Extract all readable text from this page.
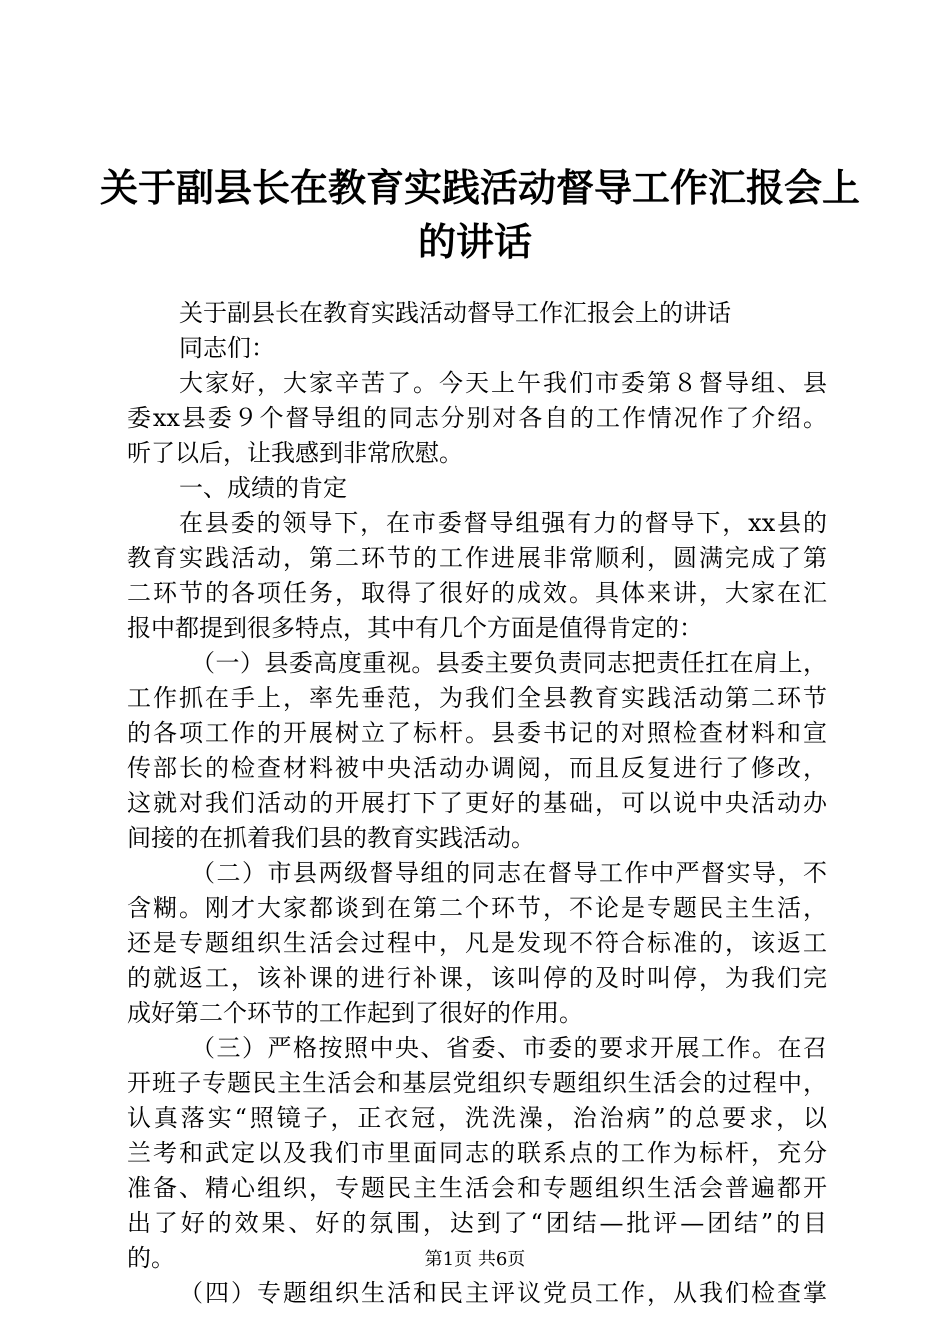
关于副县长在教育实践活动督导工作汇报会上
的讲话
关于副县长在教育实践活动督导工作汇报会上的讲话
同志们：
大家好，大家辛苦了。今天上午我们市委第８督导组、县
委xx县委９个督导组的同志分别对各自的工作情况作了介绍。
听了以后，让我感到非常欣慰。
一、成绩的肯定
在县委的领导下，在市委督导组强有力的督导下，xx县的
教育实践活动，第二环节的工作进展非常顺利，圆满完成了第
二环节的各项任务，取得了很好的成效。具体来讲，大家在汇
报中都提到很多特点，其中有几个方面是值得肯定的：
（一）县委高度重视。县委主要负责同志把责任扛在肩上，
工作抓在手上，率先垂范，为我们全县教育实践活动第二环节
的各项工作的开展树立了标杆。县委书记的对照检查材料和宣
传部长的检查材料被中央活动办调阅，而且反复进行了修改，
这就对我们活动的开展打下了更好的基础，可以说中央活动办
间接的在抓着我们县的教育实践活动。
（二）市县两级督导组的同志在督导工作中严督实导，不
含糊。刚才大家都谈到在第二个环节，不论是专题民主生活，
还是专题组织生活会过程中，凡是发现不符合标准的，该返工
的就返工，该补课的进行补课，该叫停的及时叫停，为我们完
成好第二个环节的工作起到了很好的作用。
（三）严格按照中央、省委、市委的要求开展工作。在召
开班子专题民主生活会和基层党组织专题组织生活会的过程中，
认真落实“照镜子，正衣冠，洗洗澡，治治病”的总要求，以
兰考和武定以及我们市里面同志的联系点的工作为标杆，充分
准备、精心组织，专题民主生活会和专题组织生活会普遍都开
出了好的效果、好的氛围，达到了“团结—批评—团结”的目
的。
（四）专题组织生活和民主评议党员工作，从我们检查掌
第1页 共6页
